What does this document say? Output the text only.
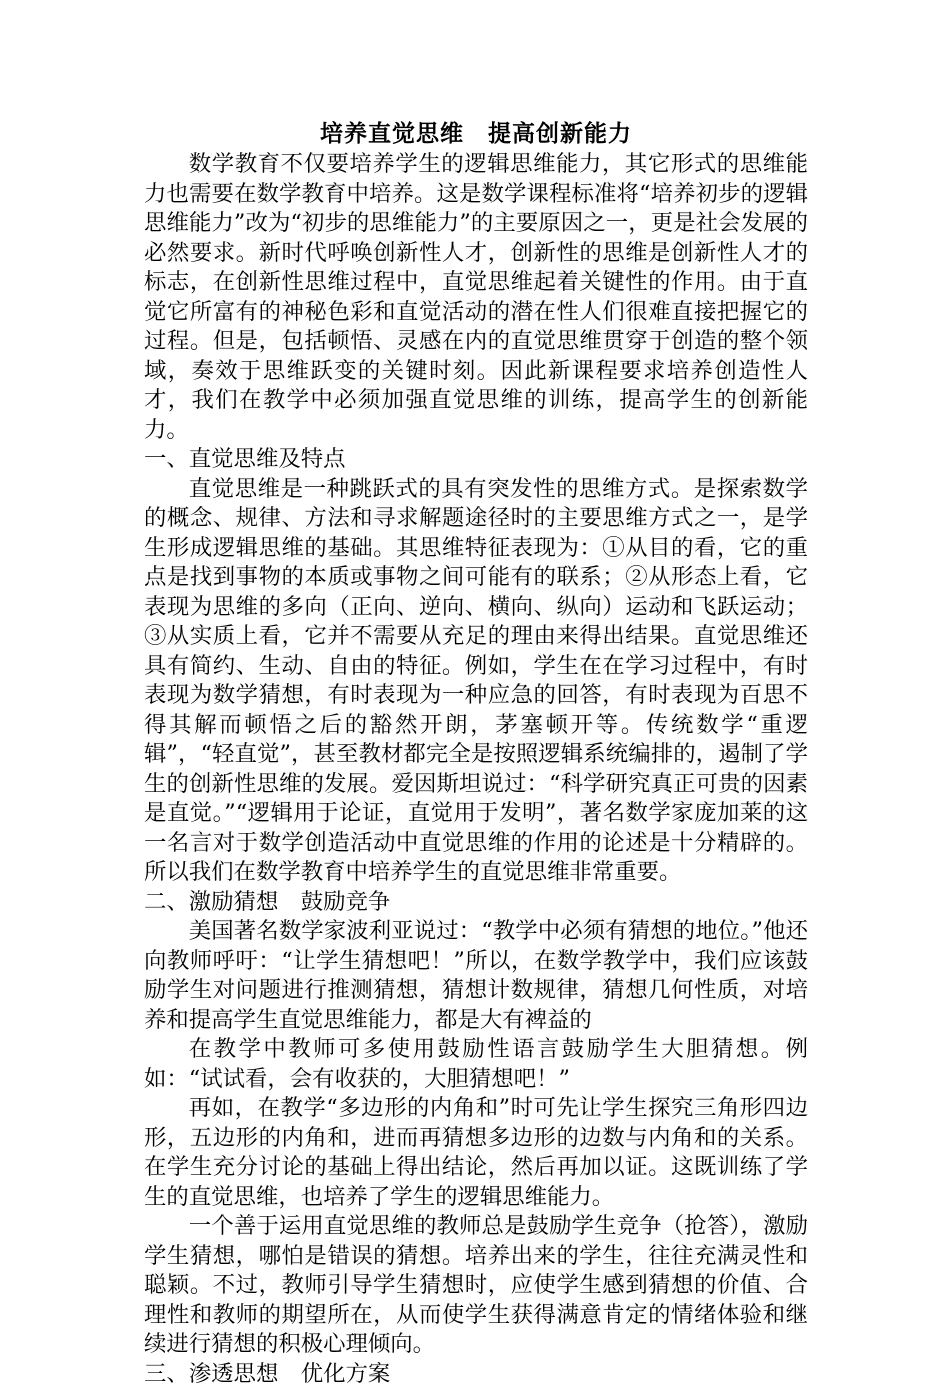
培养直觉思维　提高创新能力

数学教育不仅要培养学生的逻辑思维能力，其它形式的思维能力也需要在数学教育中培养。这是数学课程标准将“培养初步的逻辑思维能力”改为“初步的思维能力”的主要原因之一，更是社会发展的必然要求。新时代呼唤创新性人才，创新性的思维是创新性人才的标志，在创新性思维过程中，直觉思维起着关键性的作用。由于直觉它所富有的神秘色彩和直觉活动的潜在性人们很难直接把握它的过程。但是，包括顿悟、灵感在内的直觉思维贯穿于创造的整个领域，奏效于思维跃变的关键时刻。因此新课程要求培养创造性人才，我们在教学中必须加强直觉思维的训练，提高学生的创新能力。

一、直觉思维及特点

直觉思维是一种跳跃式的具有突发性的思维方式。是探索数学的概念、规律、方法和寻求解题途径时的主要思维方式之一，是学生形成逻辑思维的基础。其思维特征表现为：①从目的看，它的重点是找到事物的本质或事物之间可能有的联系；②从形态上看，它表现为思维的多向（正向、逆向、横向、纵向）运动和飞跃运动；③从实质上看，它并不需要从充足的理由来得出结果。直觉思维还具有简约、生动、自由的特征。例如，学生在在学习过程中，有时表现为数学猜想，有时表现为一种应急的回答，有时表现为百思不得其解而顿悟之后的豁然开朗，茅塞顿开等。传统数学“重逻辑”，“轻直觉”，甚至教材都完全是按照逻辑系统编排的，遏制了学生的创新性思维的发展。爱因斯坦说过：“科学研究真正可贵的因素是直觉。”“逻辑用于论证，直觉用于发明”，著名数学家庞加莱的这一名言对于数学创造活动中直觉思维的作用的论述是十分精辟的。所以我们在数学教育中培养学生的直觉思维非常重要。

二、激励猜想　鼓励竞争

美国著名数学家波利亚说过：“教学中必须有猜想的地位。”他还向教师呼吁：“让学生猜想吧！”所以，在数学教学中，我们应该鼓励学生对问题进行推测猜想，猜想计数规律，猜想几何性质，对培养和提高学生直觉思维能力，都是大有裨益的

在教学中教师可多使用鼓励性语言鼓励学生大胆猜想。例如：“试试看，会有收获的，大胆猜想吧！”

再如，在教学“多边形的内角和”时可先让学生探究三角形四边形，五边形的内角和，进而再猜想多边形的边数与内角和的关系。在学生充分讨论的基础上得出结论，然后再加以证。这既训练了学生的直觉思维，也培养了学生的逻辑思维能力。

一个善于运用直觉思维的教师总是鼓励学生竞争（抢答），激励学生猜想，哪怕是错误的猜想。培养出来的学生，往往充满灵性和聪颖。不过，教师引导学生猜想时，应使学生感到猜想的价值、合理性和教师的期望所在，从而使学生获得满意肯定的情绪体验和继续进行猜想的积极心理倾向。

三、渗透思想　优化方案
